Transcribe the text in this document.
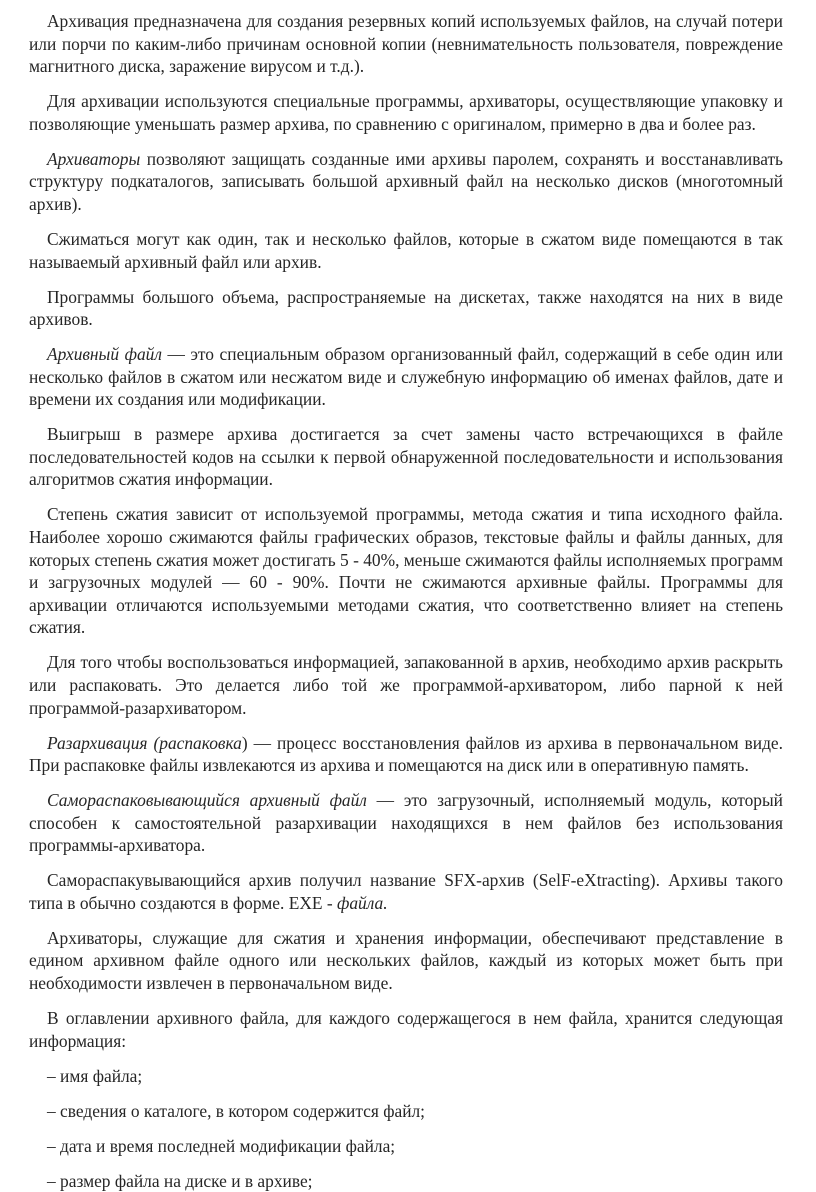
Архивация предназначена для создания резервных копий используемых файлов, на случай потери или порчи по каким-либо причинам основной копии (невнимательность пользователя, повреждение магнитного диска, заражение вирусом и т.д.).

Для архивации используются специальные программы, архиваторы, осуществляющие упаковку и позволяющие уменьшать размер архива, по сравнению с оригиналом, примерно в два и более раз.

Архиваторы позволяют защищать созданные ими архивы паролем, сохранять и восстанавливать структуру подкаталогов, записывать большой архивный файл на несколько дисков (многотомный архив).

Сжиматься могут как один, так и несколько файлов, которые в сжатом виде помещаются в так называемый архивный файл или архив.

Программы большого объема, распространяемые на дискетах, также находятся на них в виде архивов.

Архивный файл — это специальным образом организованный файл, содержащий в себе один или несколько файлов в сжатом или несжатом виде и служебную информацию об именах файлов, дате и времени их создания или модификации.

Выигрыш в размере архива достигается за счет замены часто встречающихся в файле последовательностей кодов на ссылки к первой обнаруженной последовательности и использования алгоритмов сжатия информации.

Степень сжатия зависит от используемой программы, метода сжатия и типа исходного файла. Наиболее хорошо сжимаются файлы графических образов, текстовые файлы и файлы данных, для которых степень сжатия может достигать 5 - 40%, меньше сжимаются файлы исполняемых программ и загрузочных модулей — 60 - 90%. Почти не сжимаются архивные файлы. Программы для архивации отличаются используемыми методами сжатия, что соответственно влияет на степень сжатия.

Для того чтобы воспользоваться информацией, запакованной в архив, необходимо архив раскрыть или распаковать. Это делается либо той же программой-архиватором, либо парной к ней программой-разархиватором.

Разархивация (распаковка) — процесс восстановления файлов из архива в первоначальном виде. При распаковке файлы извлекаются из архива и помещаются на диск или в оперативную память.

Самораспаковывающийся архивный файл — это загрузочный, исполняемый модуль, который способен к самостоятельной разархивации находящихся в нем файлов без использования программы-архиватора.

Самораспакувывающийся архив получил название SFX-архив (SelF-eXtracting). Архивы такого типа в обычно создаются в форме. EXE - файла.

Архиваторы, служащие для сжатия и хранения информации, обеспечивают представление в едином архивном файле одного или нескольких файлов, каждый из которых может быть при необходимости извлечен в первоначальном виде.

В оглавлении архивного файла, для каждого содержащегося в нем файла, хранится следующая информация:

– имя файла;

– сведения о каталоге, в котором содержится файл;

– дата и время последней модификации файла;

– размер файла на диске и в архиве;
